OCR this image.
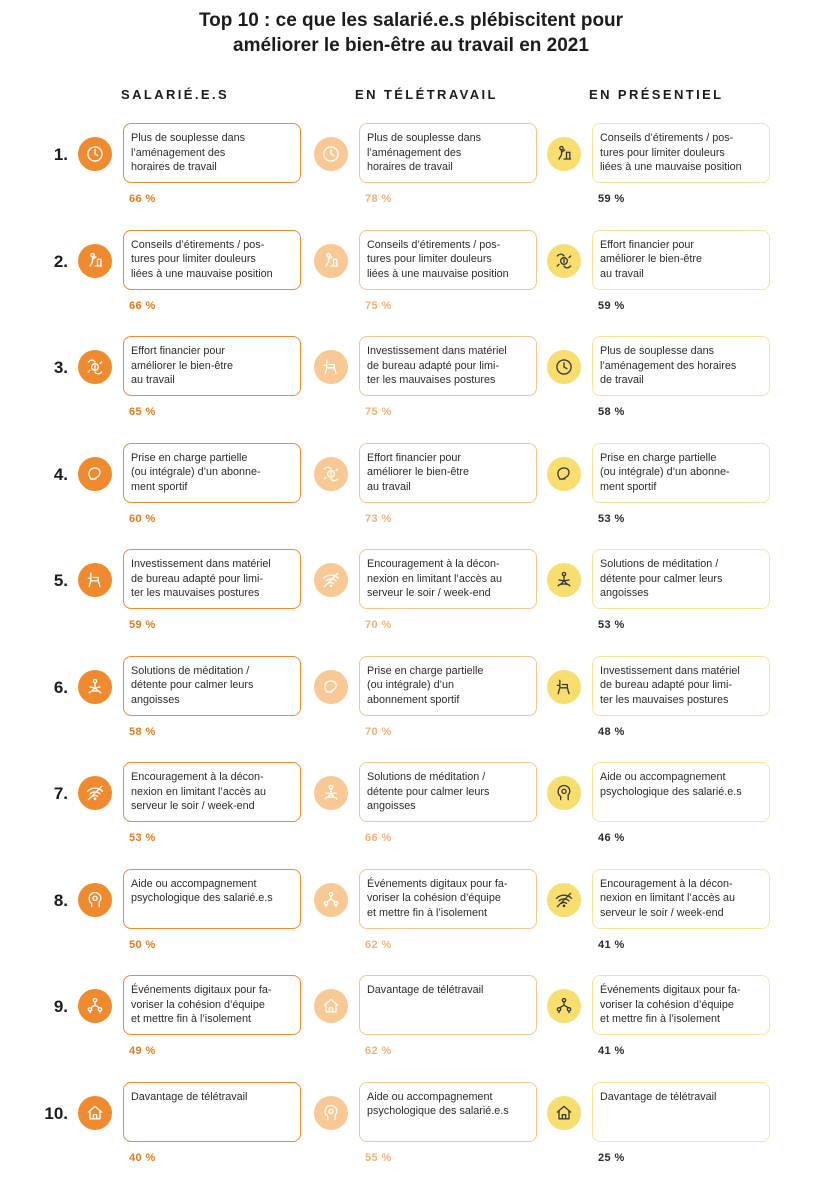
Top 10 : ce que les salarié.e.s plébiscitent pour
améliorer le bien-être au travail en 2021
SALARIÉ.E.S	EN TÉLÉTRAVAIL	EN PRÉSENTIEL
1.
Plus de souplesse dans
l’aménagement des
horaires de travail
66 %
Plus de souplesse dans
l’aménagement des
horaires de travail
78 %
Conseils d’étirements / pos-
tures pour limiter douleurs
liées à une mauvaise position
59 %
2.
Conseils d’étirements / pos-
tures pour limiter douleurs
liées à une mauvaise position
66 %
Conseils d’étirements / pos-
tures pour limiter douleurs
liées à une mauvaise position
75 %
Effort financier pour
améliorer le bien-être
au travail
59 %
3.
Effort financier pour
améliorer le bien-être
au travail
65 %
Investissement dans matériel
de bureau adapté pour limi-
ter les mauvaises postures
75 %
Plus de souplesse dans
l’aménagement des horaires
de travail
58 %
4.
Prise en charge partielle
(ou intégrale) d’un abonne-
ment sportif
60 %
Effort financier pour
améliorer le bien-être
au travail
73 %
Prise en charge partielle
(ou intégrale) d’un abonne-
ment sportif
53 %
5.
Investissement dans matériel
de bureau adapté pour limi-
ter les mauvaises postures
59 %
Encouragement à la décon-
nexion en limitant l’accès au
serveur le soir / week-end
70 %
Solutions de méditation /
détente pour calmer leurs
angoisses
53 %
6.
Solutions de méditation /
détente pour calmer leurs
angoisses
58 %
Prise en charge partielle
(ou intégrale) d’un
abonnement sportif
70 %
Investissement dans matériel
de bureau adapté pour limi-
ter les mauvaises postures
48 %
7.
Encouragement à la décon-
nexion en limitant l’accès au
serveur le soir / week-end
53 %
Solutions de méditation /
détente pour calmer leurs
angoisses
66 %
Aide ou accompagnement
psychologique des salarié.e.s
46 %
8.
Aide ou accompagnement
psychologique des salarié.e.s
50 %
Événements digitaux pour fa-
voriser la cohésion d’équipe
et mettre fin à l’isolement
62 %
Encouragement à la décon-
nexion en limitant l’accès au
serveur le soir / week-end
41 %
9.
Événements digitaux pour fa-
voriser la cohésion d’équipe
et mettre fin à l’isolement
49 %
Davantage de télétravail
62 %
Événements digitaux pour fa-
voriser la cohésion d’équipe
et mettre fin à l’isolement
41 %
10.
Davantage de télétravail
40 %
Aide ou accompagnement
psychologique des salarié.e.s
55 %
Davantage de télétravail
25 %
